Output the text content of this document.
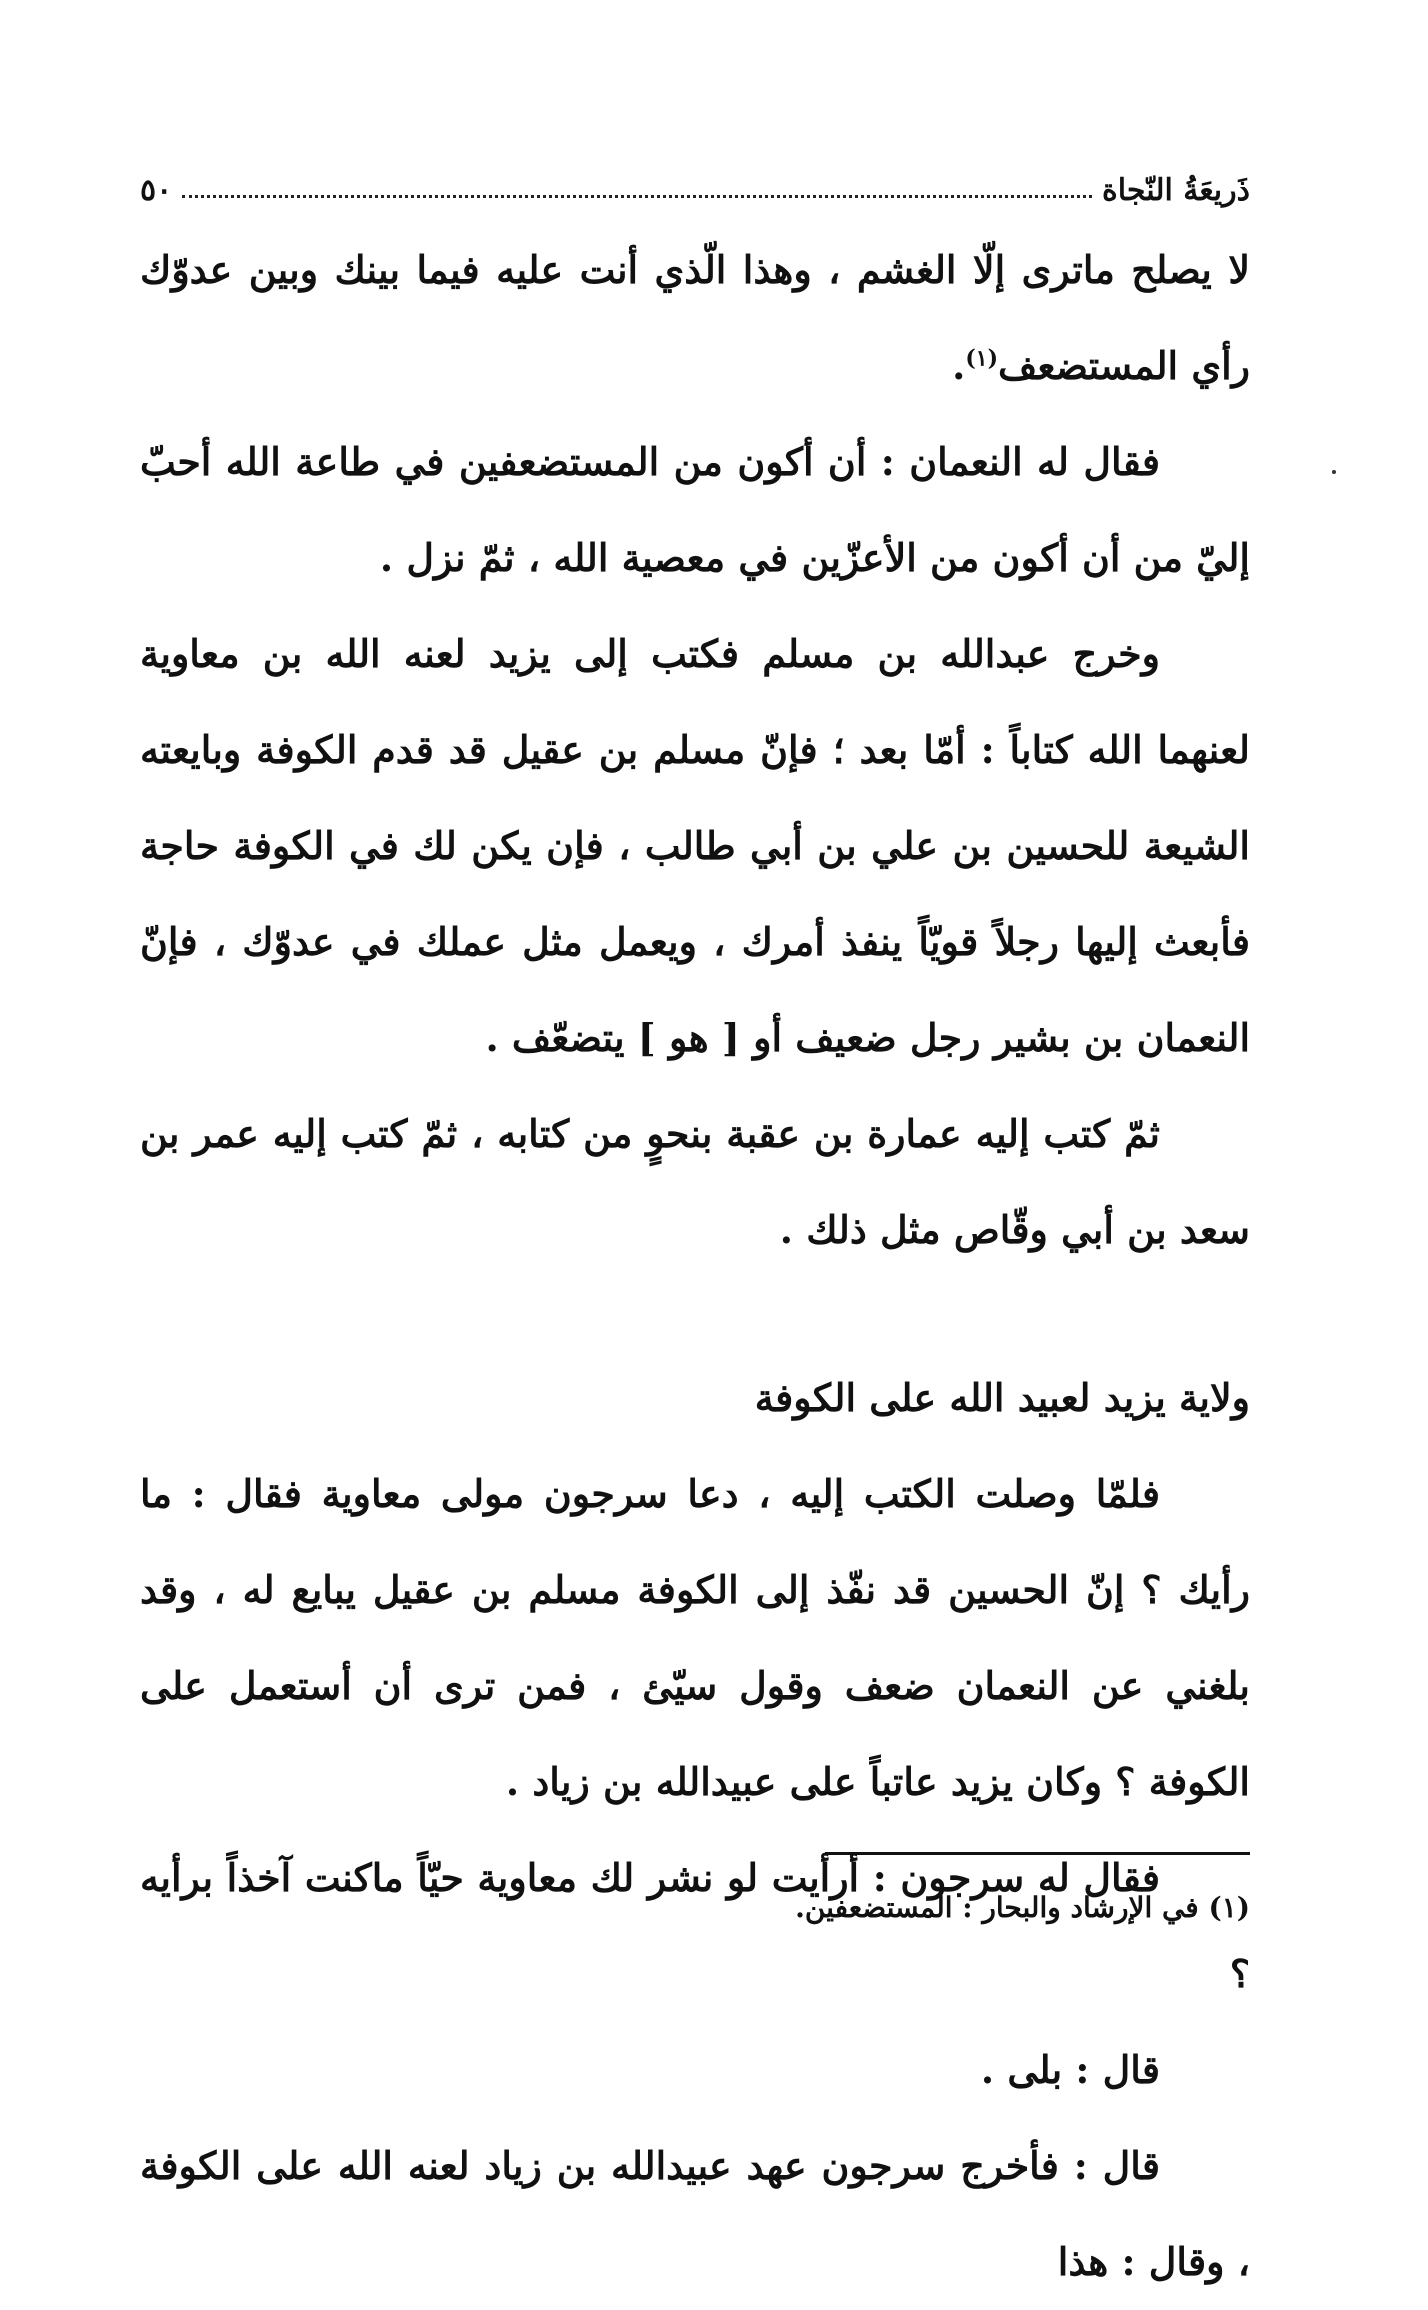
ذَريعَةُ النّجاة
٥٠

لا يصلح ماترى إلّا الغشم ، وهذا الّذي أنت عليه فيما بينك وبين عدوّك رأي المستضعف$^{(١)}$.

فقال له النعمان : أن أكون من المستضعفين في طاعة الله أحبّ إليّ من أن أكون من الأعزّين في معصية الله ، ثمّ نزل .

وخرج عبدالله بن مسلم فكتب إلى يزيد لعنه الله بن معاوية لعنهما الله كتاباً : أمّا بعد ؛ فإنّ مسلم بن عقيل قد قدم الكوفة وبايعته الشيعة للحسين بن علي بن أبي طالب ، فإن يكن لك في الكوفة حاجة فأبعث إليها رجلاً قويّاً ينفذ أمرك ، ويعمل مثل عملك في عدوّك ، فإنّ النعمان بن بشير رجل ضعيف أو [ هو ] يتضعّف .

ثمّ كتب إليه عمارة بن عقبة بنحوٍ من كتابه ، ثمّ كتب إليه عمر بن سعد بن أبي وقّاص مثل ذلك .

ولاية يزيد لعبيد الله على الكوفة

فلمّا وصلت الكتب إليه ، دعا سرجون مولى معاوية فقال : ما رأيك ؟ إنّ الحسين قد نفّذ إلى الكوفة مسلم بن عقيل يبايع له ، وقد بلغني عن النعمان ضعف وقول سيّئ ، فمن ترى أن أستعمل على الكوفة ؟ وكان يزيد عاتباً على عبيدالله بن زياد .

فقال له سرجون : أرأيت لو نشر لك معاوية حيّاً ماكنت آخذاً برأيه ؟

قال : بلى .

قال : فأخرج سرجون عهد عبيدالله بن زياد لعنه الله على الكوفة ، وقال : هذا

(١) في الإرشاد والبحار : المستضعفين.
